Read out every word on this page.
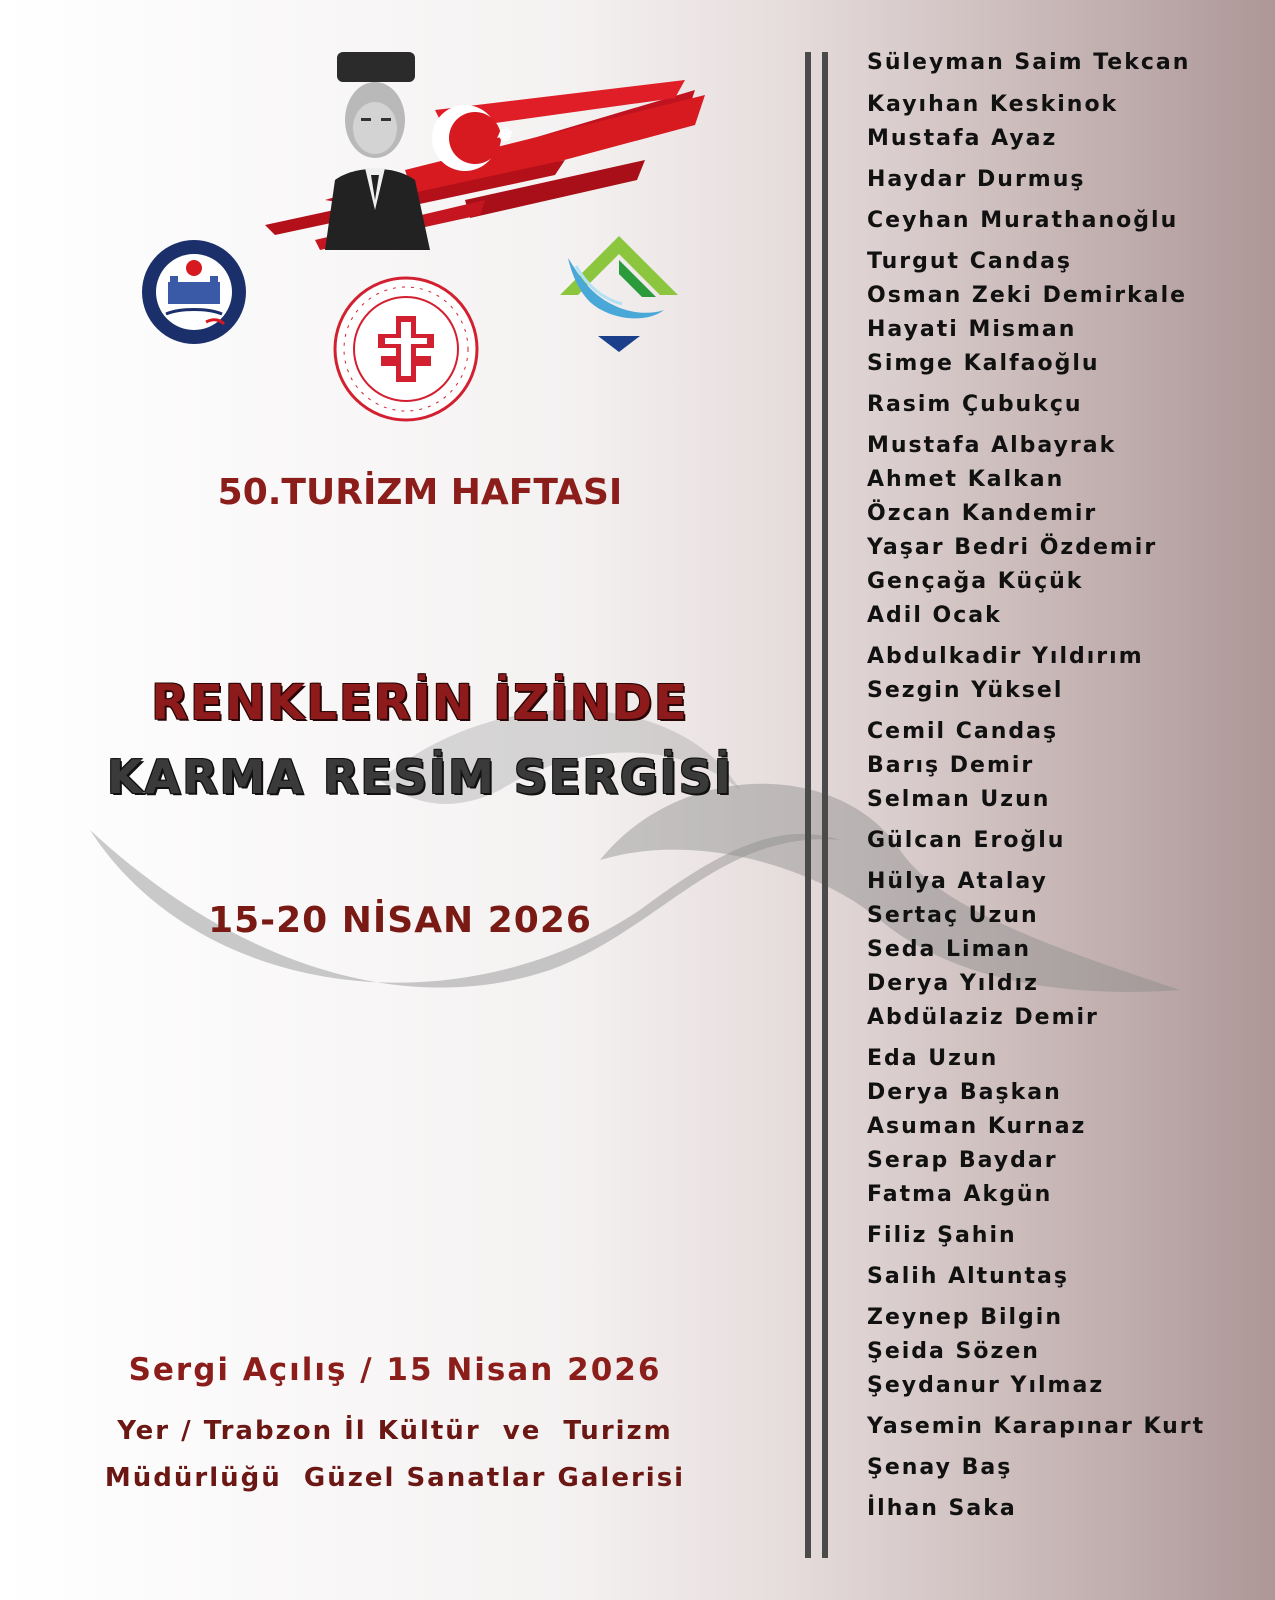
50.TURİZM HAFTASI
RENKLERİN İZİNDE
KARMA RESİM SERGİSİ
15-20 NİSAN 2026
Sergi Açılış / 15 Nisan 2026
Yer / Trabzon İl Kültür  ve  Turizm
Müdürlüğü  Güzel Sanatlar Galerisi
Süleyman Saim Tekcan
Kayıhan Keskinok
Mustafa Ayaz
Haydar Durmuş
Ceyhan Murathanoğlu
Turgut Candaş
Osman Zeki Demirkale
Hayati Misman
Simge Kalfaoğlu
Rasim Çubukçu
Mustafa Albayrak
Ahmet Kalkan
Özcan Kandemir
Yaşar Bedri Özdemir
Gençağa Küçük
Adil Ocak
Abdulkadir Yıldırım
Sezgin Yüksel
Cemil Candaş
Barış Demir
Selman Uzun
Gülcan Eroğlu
Hülya Atalay
Sertaç Uzun
Seda Liman
Derya Yıldız
Abdülaziz Demir
Eda Uzun
Derya Başkan
Asuman Kurnaz
Serap Baydar
Fatma Akgün
Filiz Şahin
Salih Altuntaş
Zeynep Bilgin
Şeida Sözen
Şeydanur Yılmaz
Yasemin Karapınar Kurt
Şenay Baş
İlhan Saka
